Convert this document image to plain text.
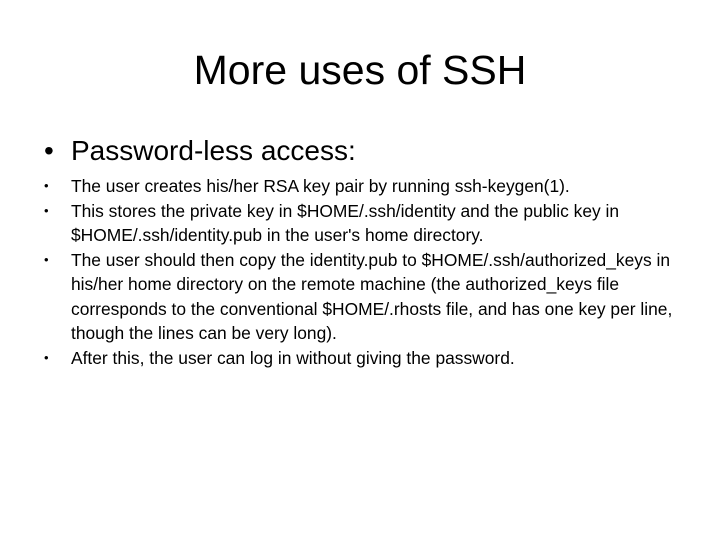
More uses of SSH
• Password-less access:
• The user creates his/her RSA key pair by running ssh-keygen(1).
• This stores the private key in $HOME/.ssh/identity and the public key in $HOME/.ssh/identity.pub in the user's home directory.
• The user should then copy the identity.pub to $HOME/.ssh/authorized_keys in his/her home directory on the remote machine (the authorized_keys file corresponds to the conventional $HOME/.rhosts file, and has one key per line, though the lines can be very long).
• After this, the user can log in without giving the password.
